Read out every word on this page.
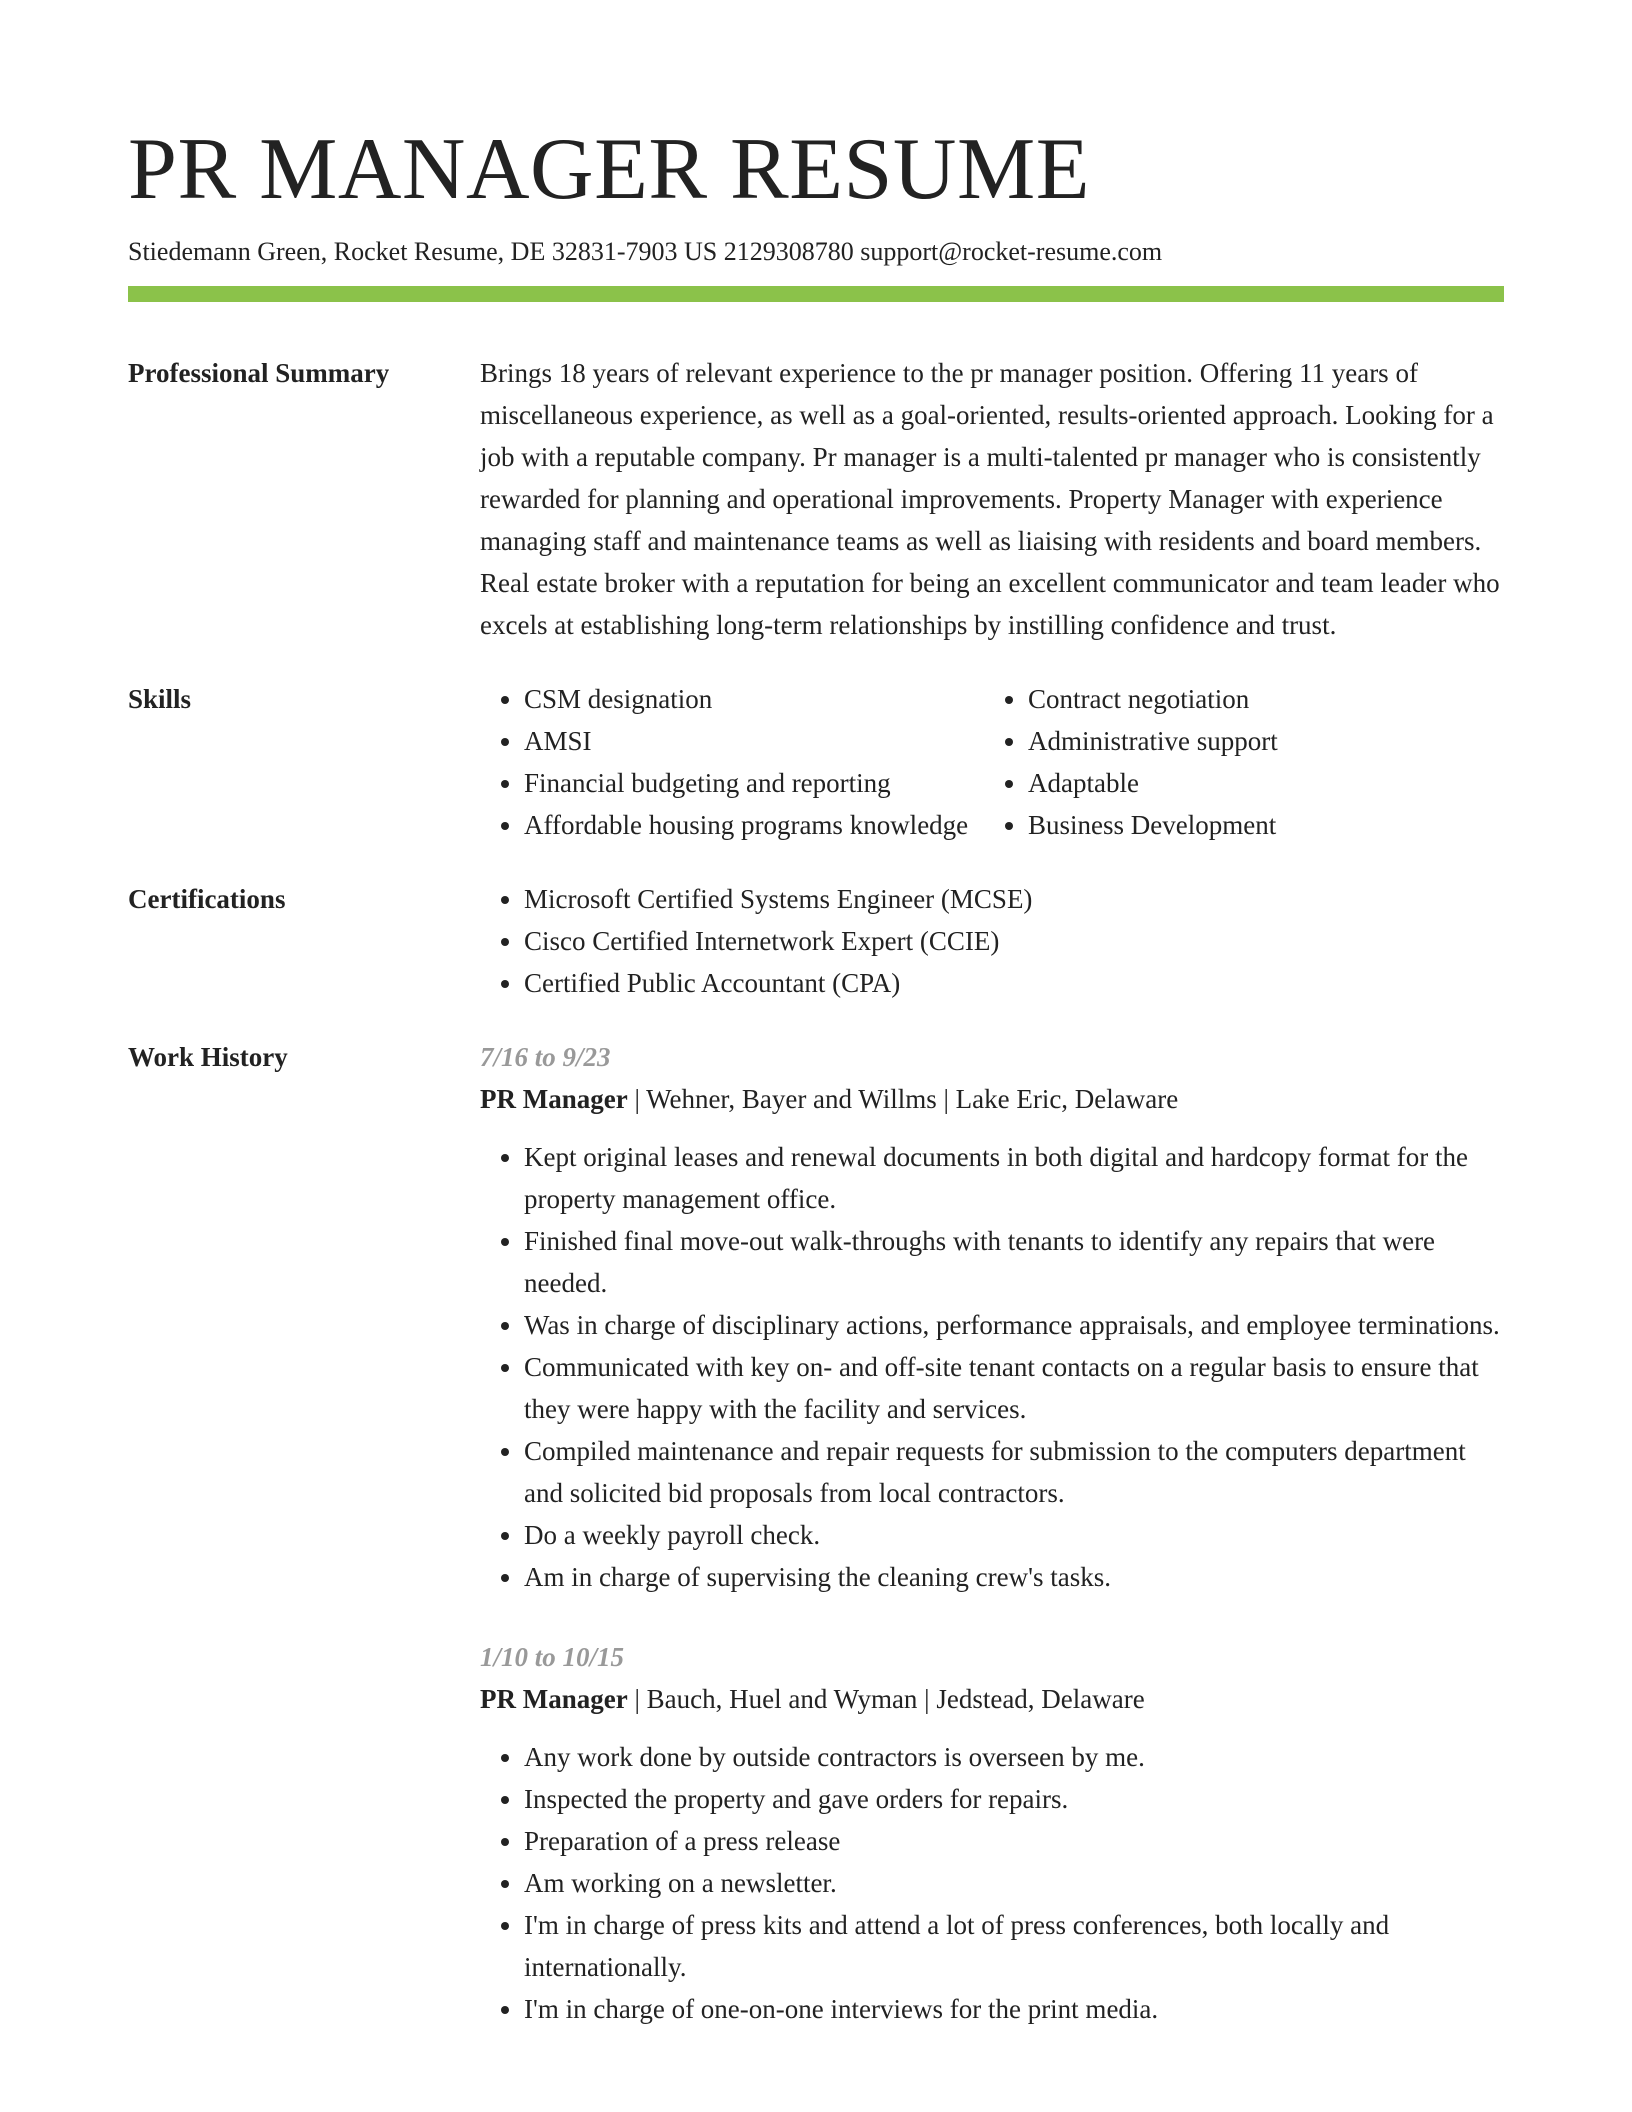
PR MANAGER RESUME
Stiedemann Green, Rocket Resume, DE 32831-7903 US 2129308780 support@rocket-resume.com
Professional Summary	Brings 18 years of relevant experience to the pr manager position. Offering 11 years of miscellaneous experience, as well as a goal-oriented, results-oriented approach. Looking for a job with a reputable company. Pr manager is a multi-talented pr manager who is consistently rewarded for planning and operational improvements. Property Manager with experience managing staff and maintenance teams as well as liaising with residents and board members. Real estate broker with a reputation for being an excellent communicator and team leader who excels at establishing long-term relationships by instilling confidence and trust.
Skills	• CSM designation
• AMSI
• Financial budgeting and reporting
• Affordable housing programs knowledge
• Contract negotiation
• Administrative support
• Adaptable
• Business Development
Certifications	• Microsoft Certified Systems Engineer (MCSE)
• Cisco Certified Internetwork Expert (CCIE)
• Certified Public Accountant (CPA)
Work History	7/16 to 9/23
PR Manager | Wehner, Bayer and Willms | Lake Eric, Delaware
• Kept original leases and renewal documents in both digital and hardcopy format for the property management office.
• Finished final move-out walk-throughs with tenants to identify any repairs that were needed.
• Was in charge of disciplinary actions, performance appraisals, and employee terminations.
• Communicated with key on- and off-site tenant contacts on a regular basis to ensure that they were happy with the facility and services.
• Compiled maintenance and repair requests for submission to the computers department and solicited bid proposals from local contractors.
• Do a weekly payroll check.
• Am in charge of supervising the cleaning crew's tasks.
1/10 to 10/15
PR Manager | Bauch, Huel and Wyman | Jedstead, Delaware
• Any work done by outside contractors is overseen by me.
• Inspected the property and gave orders for repairs.
• Preparation of a press release
• Am working on a newsletter.
• I'm in charge of press kits and attend a lot of press conferences, both locally and internationally.
• I'm in charge of one-on-one interviews for the print media.
